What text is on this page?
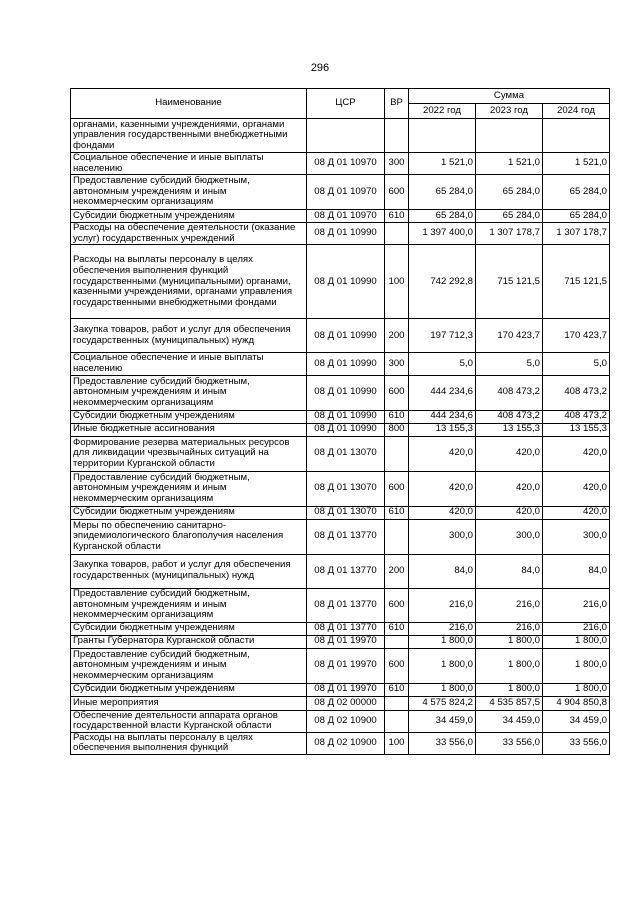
296
Наименование	ЦСР	ВР	Сумма		
			2022 год	2023 год	2024 год
органами, казенными учреждениями, органами управления государственными внебюджетными фондами					
Социальное обеспечение и иные выплаты населению	08 Д 01 10970	300	1 521,0	1 521,0	1 521,0
Предоставление субсидий бюджетным, автономным учреждениям и иным некоммерческим организациям	08 Д 01 10970	600	65 284,0	65 284,0	65 284,0
Субсидии бюджетным учреждениям	08 Д 01 10970	610	65 284,0	65 284,0	65 284,0
Расходы на обеспечение деятельности (оказание услуг) государственных учреждений	08 Д 01 10990		1 397 400,0	1 307 178,7	1 307 178,7
Расходы на выплаты персоналу в целях обеспечения выполнения функций государственными (муниципальными) органами, казенными учреждениями, органами управления государственными внебюджетными фондами	08 Д 01 10990	100	742 292,8	715 121,5	715 121,5
Закупка товаров, работ и услуг для обеспечения государственных (муниципальных) нужд	08 Д 01 10990	200	197 712,3	170 423,7	170 423,7
Социальное обеспечение и иные выплаты населению	08 Д 01 10990	300	5,0	5,0	5,0
Предоставление субсидий бюджетным, автономным учреждениям и иным некоммерческим организациям	08 Д 01 10990	600	444 234,6	408 473,2	408 473,2
Субсидии бюджетным учреждениям	08 Д 01 10990	610	444 234,6	408 473,2	408 473,2
Иные бюджетные ассигнования	08 Д 01 10990	800	13 155,3	13 155,3	13 155,3
Формирование резерва материальных ресурсов для ликвидации чрезвычайных ситуаций на территории Курганской области	08 Д 01 13070		420,0	420,0	420,0
Предоставление субсидий бюджетным, автономным учреждениям и иным некоммерческим организациям	08 Д 01 13070	600	420,0	420,0	420,0
Субсидии бюджетным учреждениям	08 Д 01 13070	610	420,0	420,0	420,0
Меры по обеспечению санитарно-эпидемиологического благополучия населения Курганской области	08 Д 01 13770		300,0	300,0	300,0
Закупка товаров, работ и услуг для обеспечения государственных (муниципальных) нужд	08 Д 01 13770	200	84,0	84,0	84,0
Предоставление субсидий бюджетным, автономным учреждениям и иным некоммерческим организациям	08 Д 01 13770	600	216,0	216,0	216,0
Субсидии бюджетным учреждениям	08 Д 01 13770	610	216,0	216,0	216,0
Гранты Губернатора Курганской области	08 Д 01 19970		1 800,0	1 800,0	1 800,0
Предоставление субсидий бюджетным, автономным учреждениям и иным некоммерческим организациям	08 Д 01 19970	600	1 800,0	1 800,0	1 800,0
Субсидии бюджетным учреждениям	08 Д 01 19970	610	1 800,0	1 800,0	1 800,0
Иные мероприятия	08 Д 02 00000		4 575 824,2	4 535 857,5	4 904 850,8
Обеспечение деятельности аппарата органов государственной власти Курганской области	08 Д 02 10900		34 459,0	34 459,0	34 459,0
Расходы на выплаты персоналу в целях обеспечения выполнения функций	08 Д 02 10900	100	33 556,0	33 556,0	33 556,0
